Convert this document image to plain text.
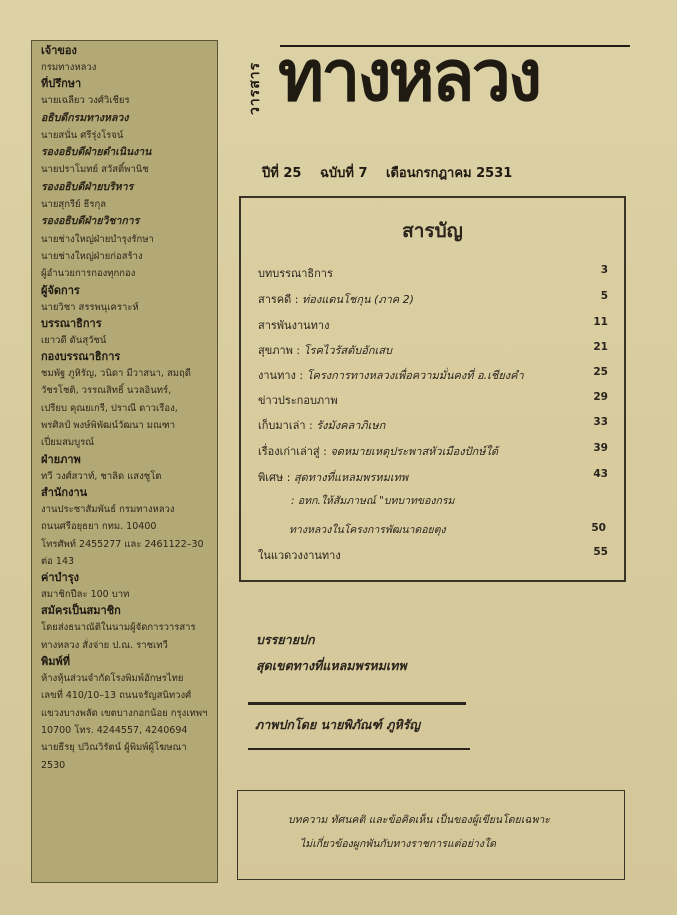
เจ้าของ
กรมทางหลวง
ที่ปรึกษา
นายเฉลียว วงศ์วิเชียร
อธิบดีกรมทางหลวง
นายสนั่น ศรีรุ่งโรจน์
รองอธิบดีฝ่ายดำเนินงาน
นายปราโมทย์ สวัสดิ์พานิช
รองอธิบดีฝ่ายบริหาร
นายสุกรีย์ ธีรกุล
รองอธิบดีฝ่ายวิชาการ
นายช่างใหญ่ฝ่ายบำรุงรักษา
นายช่างใหญ่ฝ่ายก่อสร้าง
ผู้อำนวยการกองทุกกอง
ผู้จัดการ
นายวิชา สรรพนุเคราะห์
บรรณาธิการ
เยาวดี ดันสุวัชน์
กองบรรณาธิการ
ชมพัฐ ภูหิรัญ, วนิดา มีวาสนา, สมฤดี
วัชรโชติ, วรรณสิทธิ์ นวลอินทร์,
เปรียบ คุณยเกรี, ปราณี ดาวเรือง,
พรศิลป์ พงษ์พิพัฒน์วัฒนา มณฑา
เปี่ยมสมบูรณ์
ฝ่ายภาพ
ทวี วงศ์สวาท์, ชาลิด แสงชูโต
สำนักงาน
งานประชาสัมพันธ์ กรมทางหลวง
ถนนศรีอยุธยา กทม. 10400
โทรศัพท์ 2455277 และ 2461122–30
ต่อ 143
ค่าบำรุง
สมาชิกปีละ 100 บาท
สมัครเป็นสมาชิก
โดยส่งธนาณัติในนามผู้จัดการวารสาร
ทางหลวง สั่งจ่าย ป.ณ. ราชเทวี
พิมพ์ที่
ห้างหุ้นส่วนจำกัดโรงพิมพ์อักษรไทย
เลขที่ 410/10–13 ถนนจรัญสนิทวงศ์
แขวงบางพลัด เขตบางกอกน้อย กรุงเทพฯ
10700 โทร. 4244557, 4240694
นายธีรยุ ปวิณวิรัตน์ ผู้พิมพ์ผู้โฆษณา
2530
วารสาร ทางหลวง
ปีที่ 25 ฉบับที่ 7 เดือนกรกฎาคม 2531
สารบัญ
บทบรรณาธิการ	3
สารคดี : ท่องแดนโชกุน (ภาค 2)	5
สารพันงานทาง	11
สุขภาพ : โรคไวรัสตับอักเสบ	21
งานทาง : โครงการทางหลวงเพื่อความมั่นคงที่ อ.เชียงคำ	25
ข่าวประกอบภาพ	29
เก็บมาเล่า : รังมังคลาภิเษก	33
เรื่องเก่าเล่าสู่ : จดหมายเหตุประพาสหัวเมืองปักษ์ใต้	39
พิเศษ : สุดทางที่แหลมพรหมเทพ	43
: อทก.ให้สัมภาษณ์ "บทบาทของกรม
ทางหลวงในโครงการพัฒนาดอยตุง	50
ในแวดวงงานทาง	55
บรรยายปก
สุดเขตทางที่แหลมพรหมเทพ
ภาพปกโดย นายพิภัณฑ์ ภูหิรัญ
บทความ ทัศนคติ และข้อคิดเห็น เป็นของผู้เขียนโดยเฉพาะ
ไม่เกี่ยวข้องผูกพันกับทางราชการแต่อย่างใด
